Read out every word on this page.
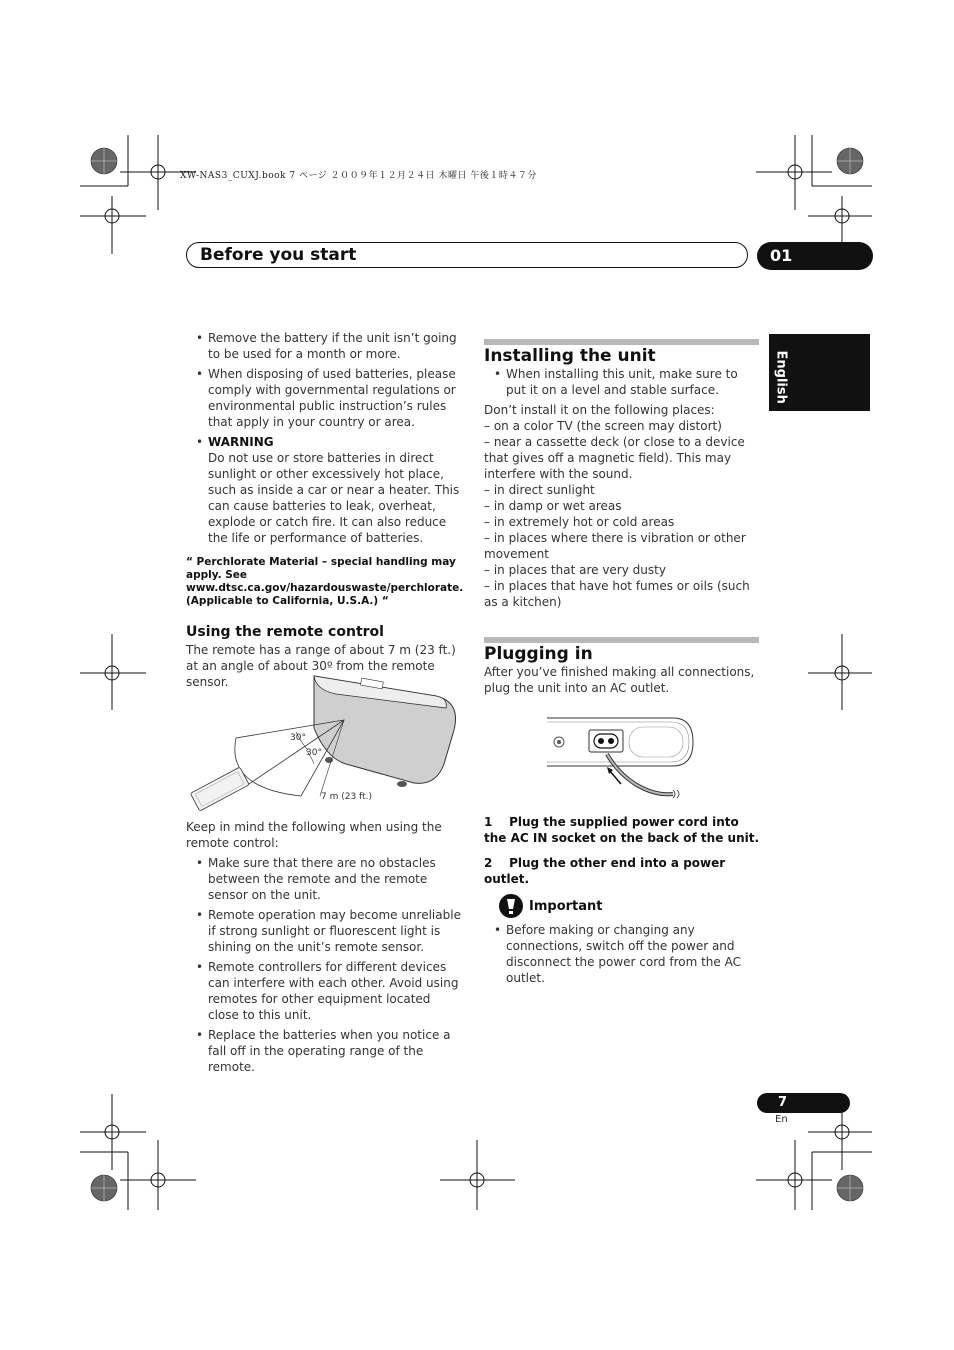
XW-NAS3_CUXJ.book 7 ページ ２００９年１２月２４日 木曜日 午後１時４７分
Before you start	01
English
• Remove the battery if the unit isn’t going to be used for a month or more.
• When disposing of used batteries, please comply with governmental regulations or environmental public instruction’s rules that apply in your country or area.
• WARNING
Do not use or store batteries in direct sunlight or other excessively hot place, such as inside a car or near a heater. This can cause batteries to leak, overheat, explode or catch fire. It can also reduce the life or performance of batteries.
“ Perchlorate Material – special handling may apply. See www.dtsc.ca.gov/hazardouswaste/perchlorate. (Applicable to California, U.S.A.) “
Using the remote control
The remote has a range of about 7 m (23 ft.) at an angle of about 30º from the remote sensor.
30°
30°
7 m (23 ft.)
Keep in mind the following when using the remote control:
• Make sure that there are no obstacles between the remote and the remote sensor on the unit.
• Remote operation may become unreliable if strong sunlight or fluorescent light is shining on the unit’s remote sensor.
• Remote controllers for different devices can interfere with each other. Avoid using remotes for other equipment located close to this unit.
• Replace the batteries when you notice a fall off in the operating range of the remote.
Installing the unit
• When installing this unit, make sure to put it on a level and stable surface.
Don’t install it on the following places:
– on a color TV (the screen may distort)
– near a cassette deck (or close to a device that gives off a magnetic field). This may interfere with the sound.
– in direct sunlight
– in damp or wet areas
– in extremely hot or cold areas
– in places where there is vibration or other movement
– in places that are very dusty
– in places that have hot fumes or oils (such as a kitchen)
Plugging in
After you’ve finished making all connections, plug the unit into an AC outlet.
1 Plug the supplied power cord into the AC IN socket on the back of the unit.
2 Plug the other end into a power outlet.
Important
• Before making or changing any connections, switch off the power and disconnect the power cord from the AC outlet.
7
En
